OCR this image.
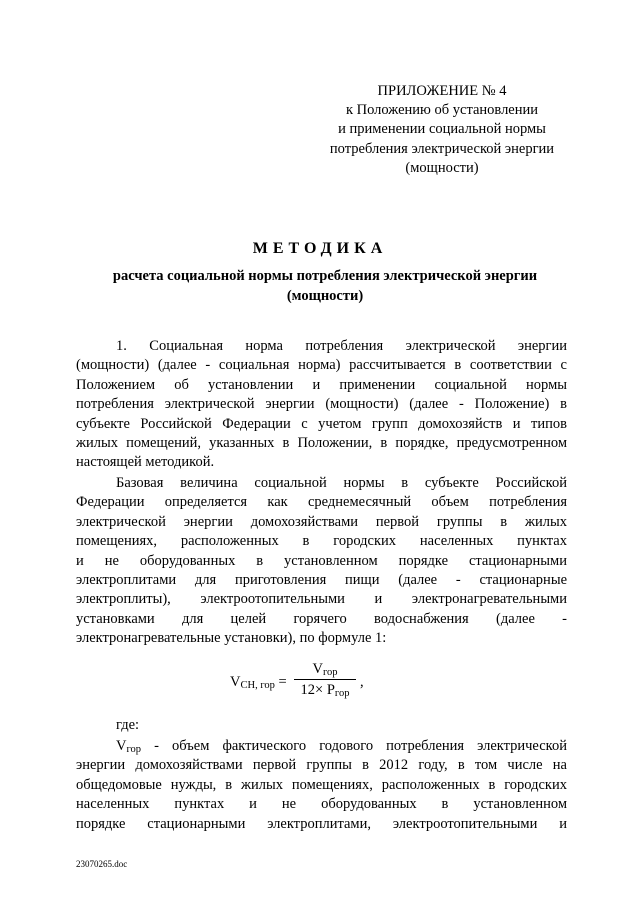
ПРИЛОЖЕНИЕ № 4
к Положению об установлении
и применении социальной нормы
потребления электрической энергии
(мощности)
МЕТОДИКА
расчета социальной нормы потребления электрической энергии
(мощности)
1. Социальная норма потребления электрической энергии
(мощности) (далее - социальная норма) рассчитывается в соответствии с
Положением об установлении и применении социальной нормы
потребления электрической энергии (мощности) (далее - Положение) в
субъекте Российской Федерации с учетом групп домохозяйств и типов
жилых помещений, указанных в Положении, в порядке, предусмотренном
настоящей методикой.
Базовая величина социальной нормы в субъекте Российской
Федерации определяется как среднемесячный объем потребления
электрической энергии домохозяйствами первой группы в жилых
помещениях, расположенных в городских населенных пунктах
и не оборудованных в установленном порядке стационарными
электроплитами для приготовления пищи (далее - стационарные
электроплиты), электроотопительными и электронагревательными
установками для целей горячего водоснабжения (далее -
электронагревательные установки), по формуле 1:
$V_{СН, гор}$ =
$V_{гор}$
$12\times P_{гор}$
,
где:
$V_{гор}$ - объем фактического годового потребления электрической
энергии домохозяйствами первой группы в 2012 году, в том числе на
общедомовые нужды, в жилых помещениях, расположенных в городских
населенных пунктах и не оборудованных в установленном
порядке стационарными электроплитами, электроотопительными и
23070265.doc
